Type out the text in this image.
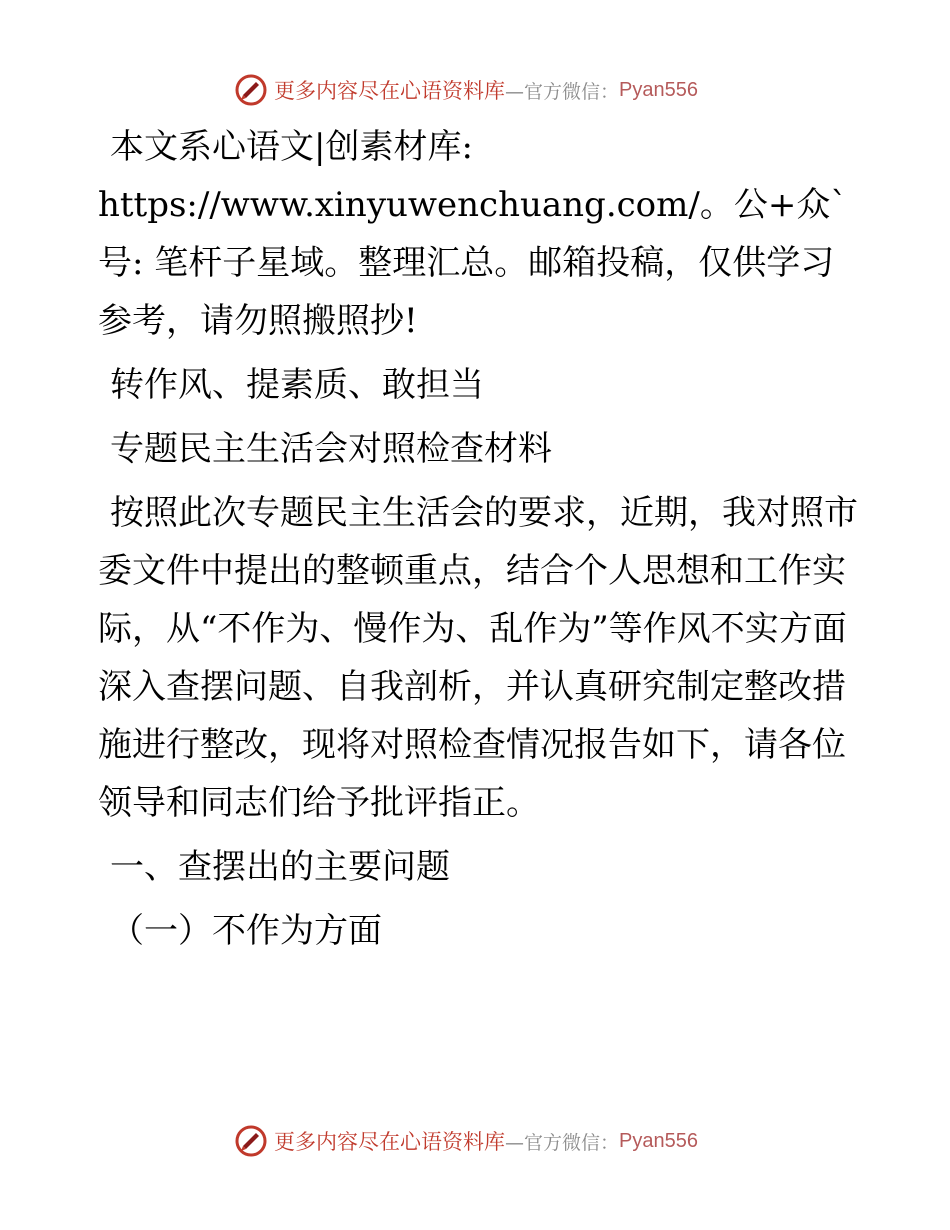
更多内容尽在心语资料库 —官方微信： Pyan556

本文系心语文|创素材库: https://www.xinyuwenchuang.com/。公+众`号: 笔杆子星域。整理汇总。邮箱投稿，仅供学习参考，请勿照搬照抄!

转作风、提素质、敢担当

专题民主生活会对照检查材料

按照此次专题民主生活会的要求，近期，我对照市委文件中提出的整顿重点，结合个人思想和工作实际，从“不作为、慢作为、乱作为”等作风不实方面深入查摆问题、自我剖析，并认真研究制定整改措施进行整改，现将对照检查情况报告如下，请各位领导和同志们给予批评指正。

一、查摆出的主要问题

（一）不作为方面

更多内容尽在心语资料库 —官方微信： Pyan556
